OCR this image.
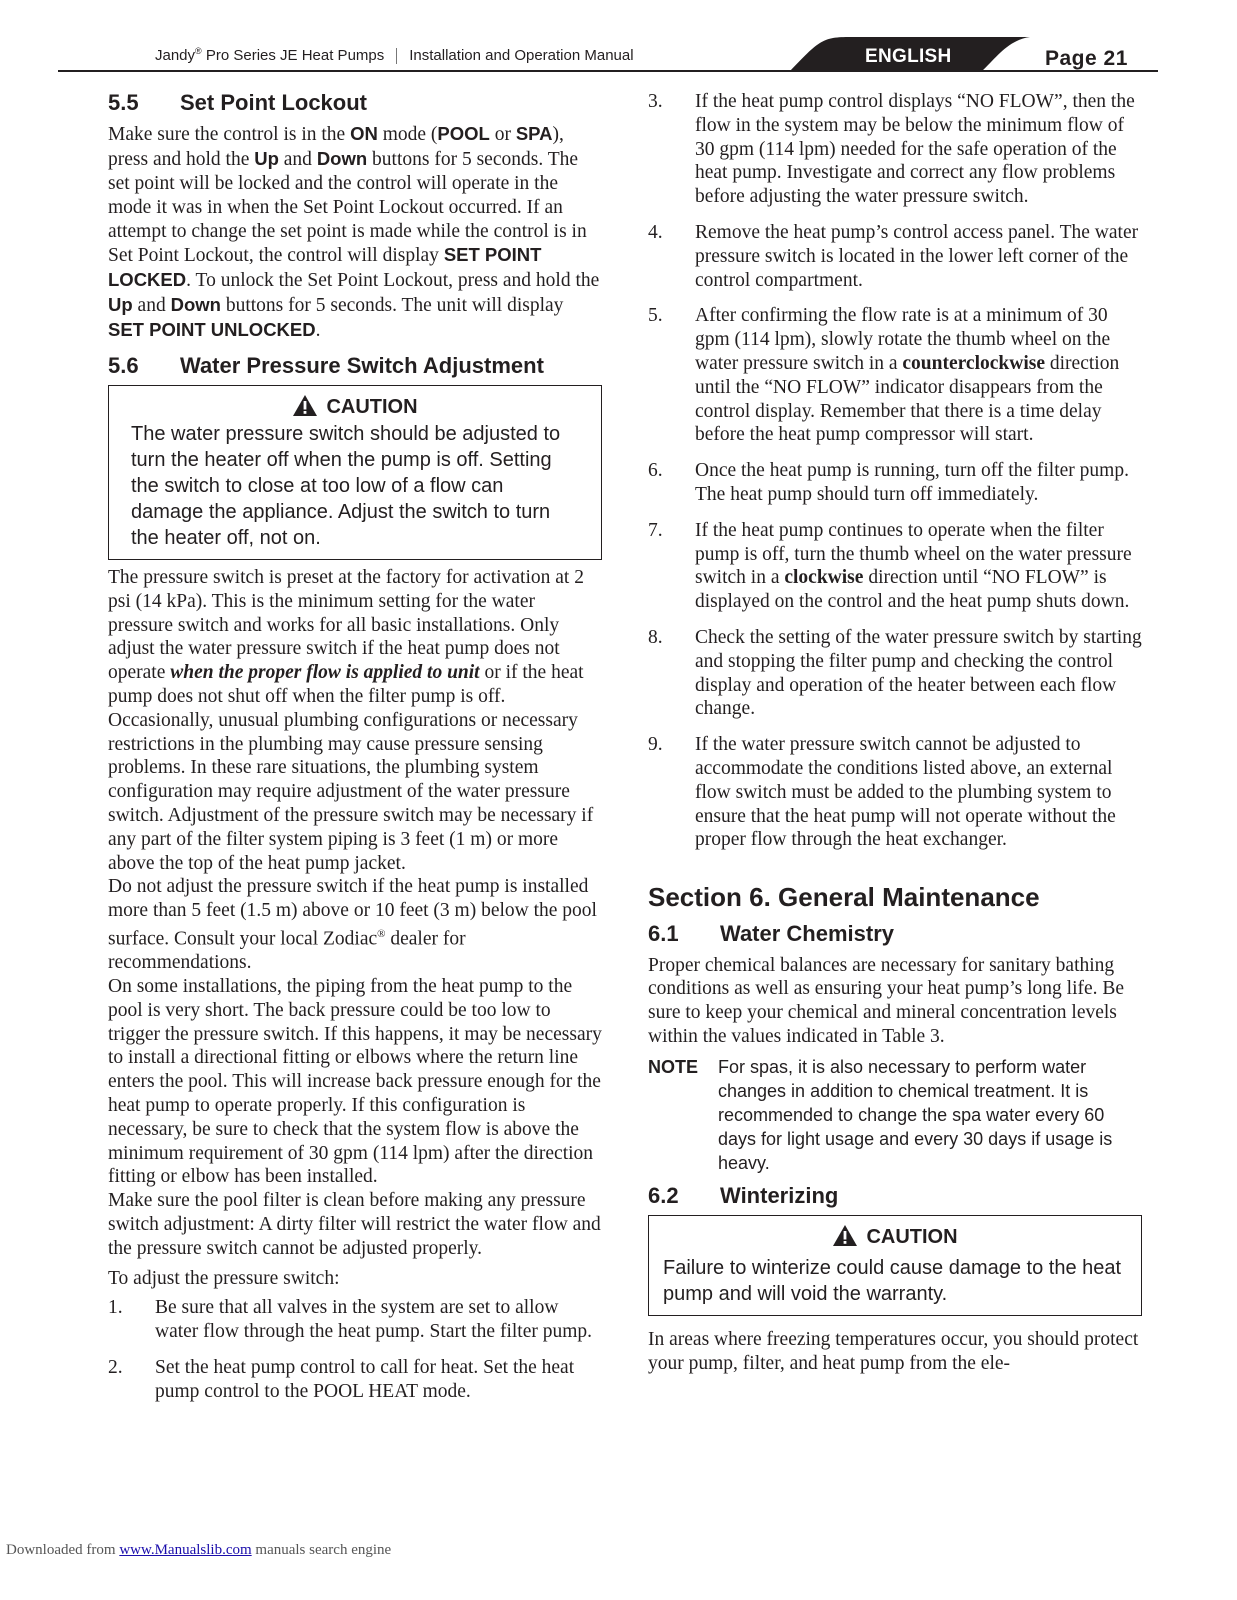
Jandy® Pro Series JE Heat Pumps Installation and Operation Manual	ENGLISH	Page 21
5.5 Set Point Lockout

Make sure the control is in the ON mode (POOL or SPA), press and hold the Up and Down buttons for 5 seconds. The set point will be locked and the control will operate in the mode it was in when the Set Point Lockout occurred. If an attempt to change the set point is made while the control is in Set Point Lockout, the control will display SET POINT LOCKED. To unlock the Set Point Lockout, press and hold the Up and Down buttons for 5 seconds. The unit will display SET POINT UNLOCKED.

5.6 Water Pressure Switch Adjustment
CAUTION
The water pressure switch should be adjusted to turn the heater off when the pump is off. Setting the switch to close at too low of a flow can damage the appliance. Adjust the switch to turn the heater off, not on.

The pressure switch is preset at the factory for activation at 2 psi (14 kPa). This is the minimum setting for the water pressure switch and works for all basic installations. Only adjust the water pressure switch if the heat pump does not operate when the proper flow is applied to unit or if the heat pump does not shut off when the filter pump is off. Occasionally, unusual plumbing configurations or necessary restrictions in the plumbing may cause pressure sensing problems. In these rare situations, the plumbing system configuration may require adjustment of the water pressure switch. Adjustment of the pressure switch may be necessary if any part of the filter system piping is 3 feet (1 m) or more above the top of the heat pump jacket.

Do not adjust the pressure switch if the heat pump is installed more than 5 feet (1.5 m) above or 10 feet (3 m) below the pool surface. Consult your local Zodiac® dealer for recommendations.

On some installations, the piping from the heat pump to the pool is very short. The back pressure could be too low to trigger the pressure switch. If this happens, it may be necessary to install a directional fitting or elbows where the return line enters the pool. This will increase back pressure enough for the heat pump to operate properly. If this configuration is necessary, be sure to check that the system flow is above the minimum requirement of 30 gpm (114 lpm) after the direction fitting or elbow has been installed.

Make sure the pool filter is clean before making any pressure switch adjustment: A dirty filter will restrict the water flow and the pressure switch cannot be adjusted properly.

To adjust the pressure switch:

1. Be sure that all valves in the system are set to allow water flow through the heat pump. Start the filter pump.
2. Set the heat pump control to call for heat. Set the heat pump control to the POOL HEAT mode.
3. If the heat pump control displays “NO FLOW”, then the flow in the system may be below the minimum flow of 30 gpm (114 lpm) needed for the safe operation of the heat pump. Investigate and correct any flow problems before adjusting the water pressure switch.
4. Remove the heat pump’s control access panel. The water pressure switch is located in the lower left corner of the control compartment.
5. After confirming the flow rate is at a minimum of 30 gpm (114 lpm), slowly rotate the thumb wheel on the water pressure switch in a counterclockwise direction until the “NO FLOW” indicator disappears from the control display. Remember that there is a time delay before the heat pump compressor will start.
6. Once the heat pump is running, turn off the filter pump. The heat pump should turn off immediately.
7. If the heat pump continues to operate when the filter pump is off, turn the thumb wheel on the water pressure switch in a clockwise direction until “NO FLOW” is displayed on the control and the heat pump shuts down.
8. Check the setting of the water pressure switch by starting and stopping the filter pump and checking the control display and operation of the heater between each flow change.
9. If the water pressure switch cannot be adjusted to accommodate the conditions listed above, an external flow switch must be added to the plumbing system to ensure that the heat pump will not operate without the proper flow through the heat exchanger.
Section 6. General Maintenance
6.1 Water Chemistry

Proper chemical balances are necessary for sanitary bathing conditions as well as ensuring your heat pump’s long life. Be sure to keep your chemical and mineral concentration levels within the values indicated in Table 3.

NOTE	For spas, it is also necessary to perform water changes in addition to chemical treatment. It is recommended to change the spa water every 60 days for light usage and every 30 days if usage is heavy.
6.2 Winterizing
CAUTION
Failure to winterize could cause damage to the heat pump and will void the warranty.

In areas where freezing temperatures occur, you should protect your pump, filter, and heat pump from the ele-

Downloaded from www.Manualslib.com manuals search engine
